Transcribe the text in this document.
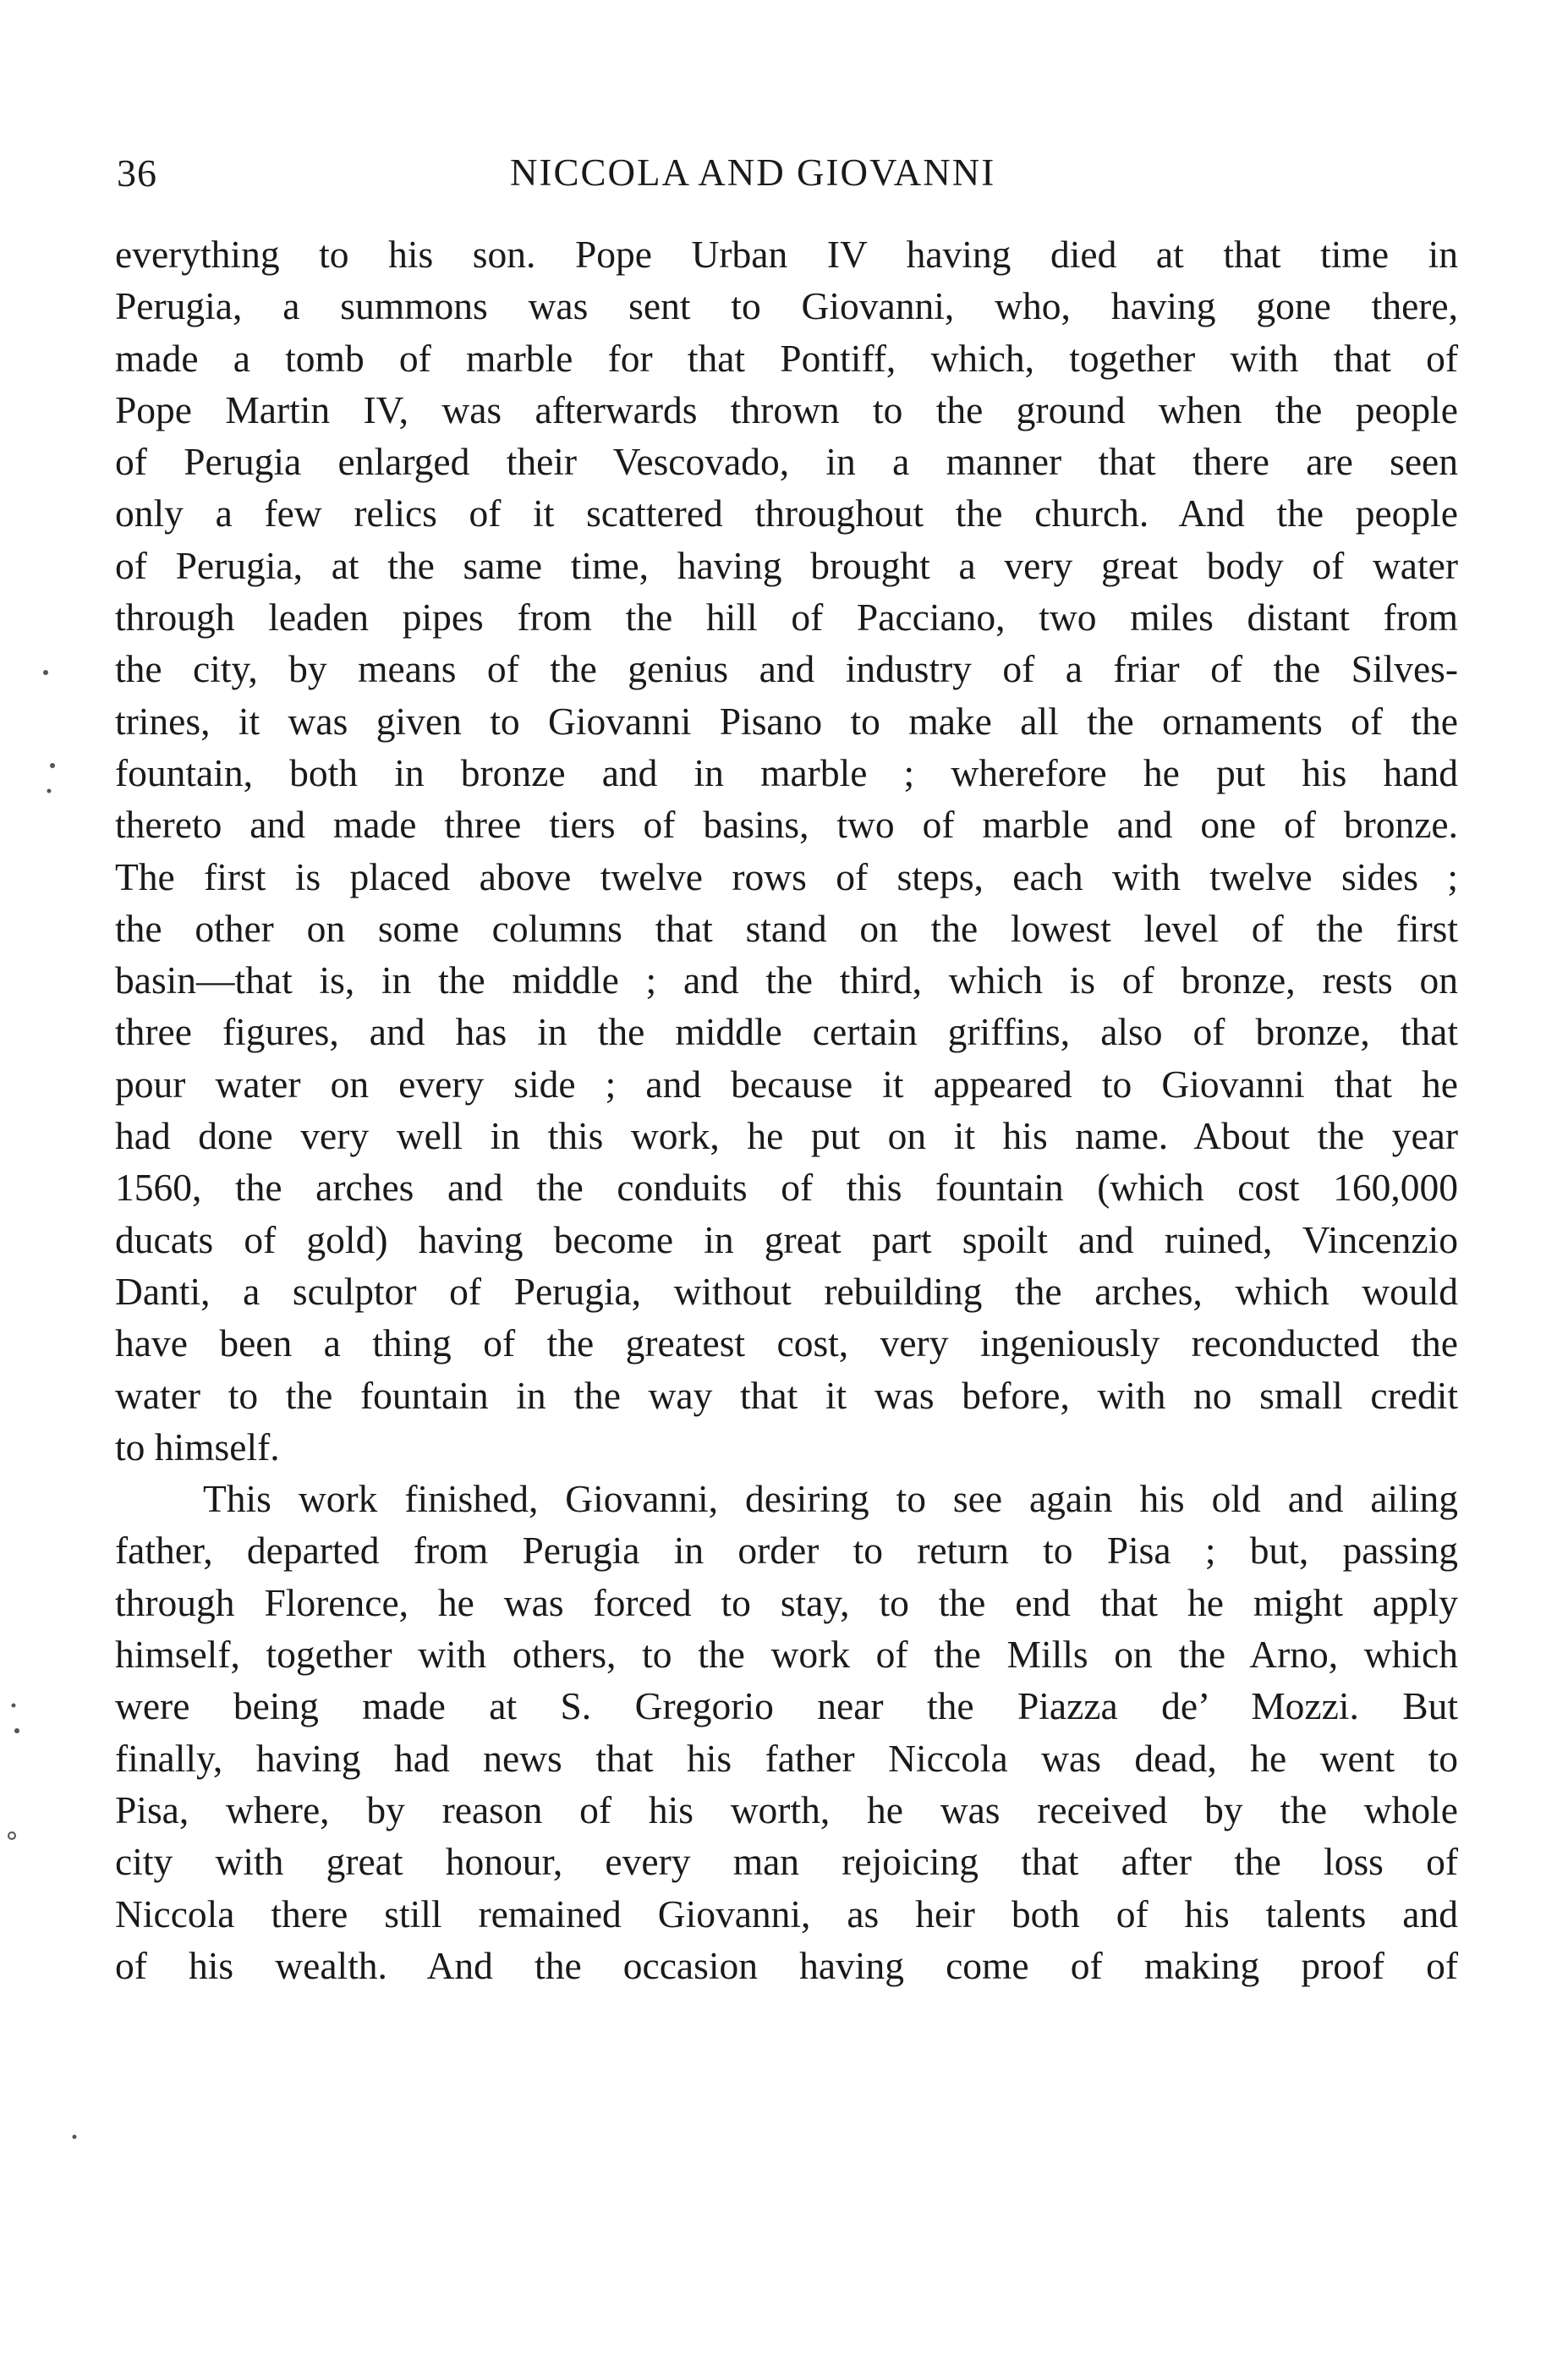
36	NICCOLA AND GIOVANNI
everything to his son. Pope Urban IV having died at that time in
Perugia, a summons was sent to Giovanni, who, having gone there,
made a tomb of marble for that Pontiff, which, together with that of
Pope Martin IV, was afterwards thrown to the ground when the people
of Perugia enlarged their Vescovado, in a manner that there are seen
only a few relics of it scattered throughout the church. And the people
of Perugia, at the same time, having brought a very great body of water
through leaden pipes from the hill of Pacciano, two miles distant from
the city, by means of the genius and industry of a friar of the Silves-
trines, it was given to Giovanni Pisano to make all the ornaments of the
fountain, both in bronze and in marble ; wherefore he put his hand
thereto and made three tiers of basins, two of marble and one of bronze.
The first is placed above twelve rows of steps, each with twelve sides ;
the other on some columns that stand on the lowest level of the first
basin—that is, in the middle ; and the third, which is of bronze, rests on
three figures, and has in the middle certain griffins, also of bronze, that
pour water on every side ; and because it appeared to Giovanni that he
had done very well in this work, he put on it his name. About the year
1560, the arches and the conduits of this fountain (which cost 160,000
ducats of gold) having become in great part spoilt and ruined, Vincenzio
Danti, a sculptor of Perugia, without rebuilding the arches, which would
have been a thing of the greatest cost, very ingeniously reconducted the
water to the fountain in the way that it was before, with no small credit
to himself.
This work finished, Giovanni, desiring to see again his old and ailing
father, departed from Perugia in order to return to Pisa ; but, passing
through Florence, he was forced to stay, to the end that he might apply
himself, together with others, to the work of the Mills on the Arno, which
were being made at S. Gregorio near the Piazza de’ Mozzi. But
finally, having had news that his father Niccola was dead, he went to
Pisa, where, by reason of his worth, he was received by the whole
city with great honour, every man rejoicing that after the loss of
Niccola there still remained Giovanni, as heir both of his talents and
of his wealth. And the occasion having come of making proof of
